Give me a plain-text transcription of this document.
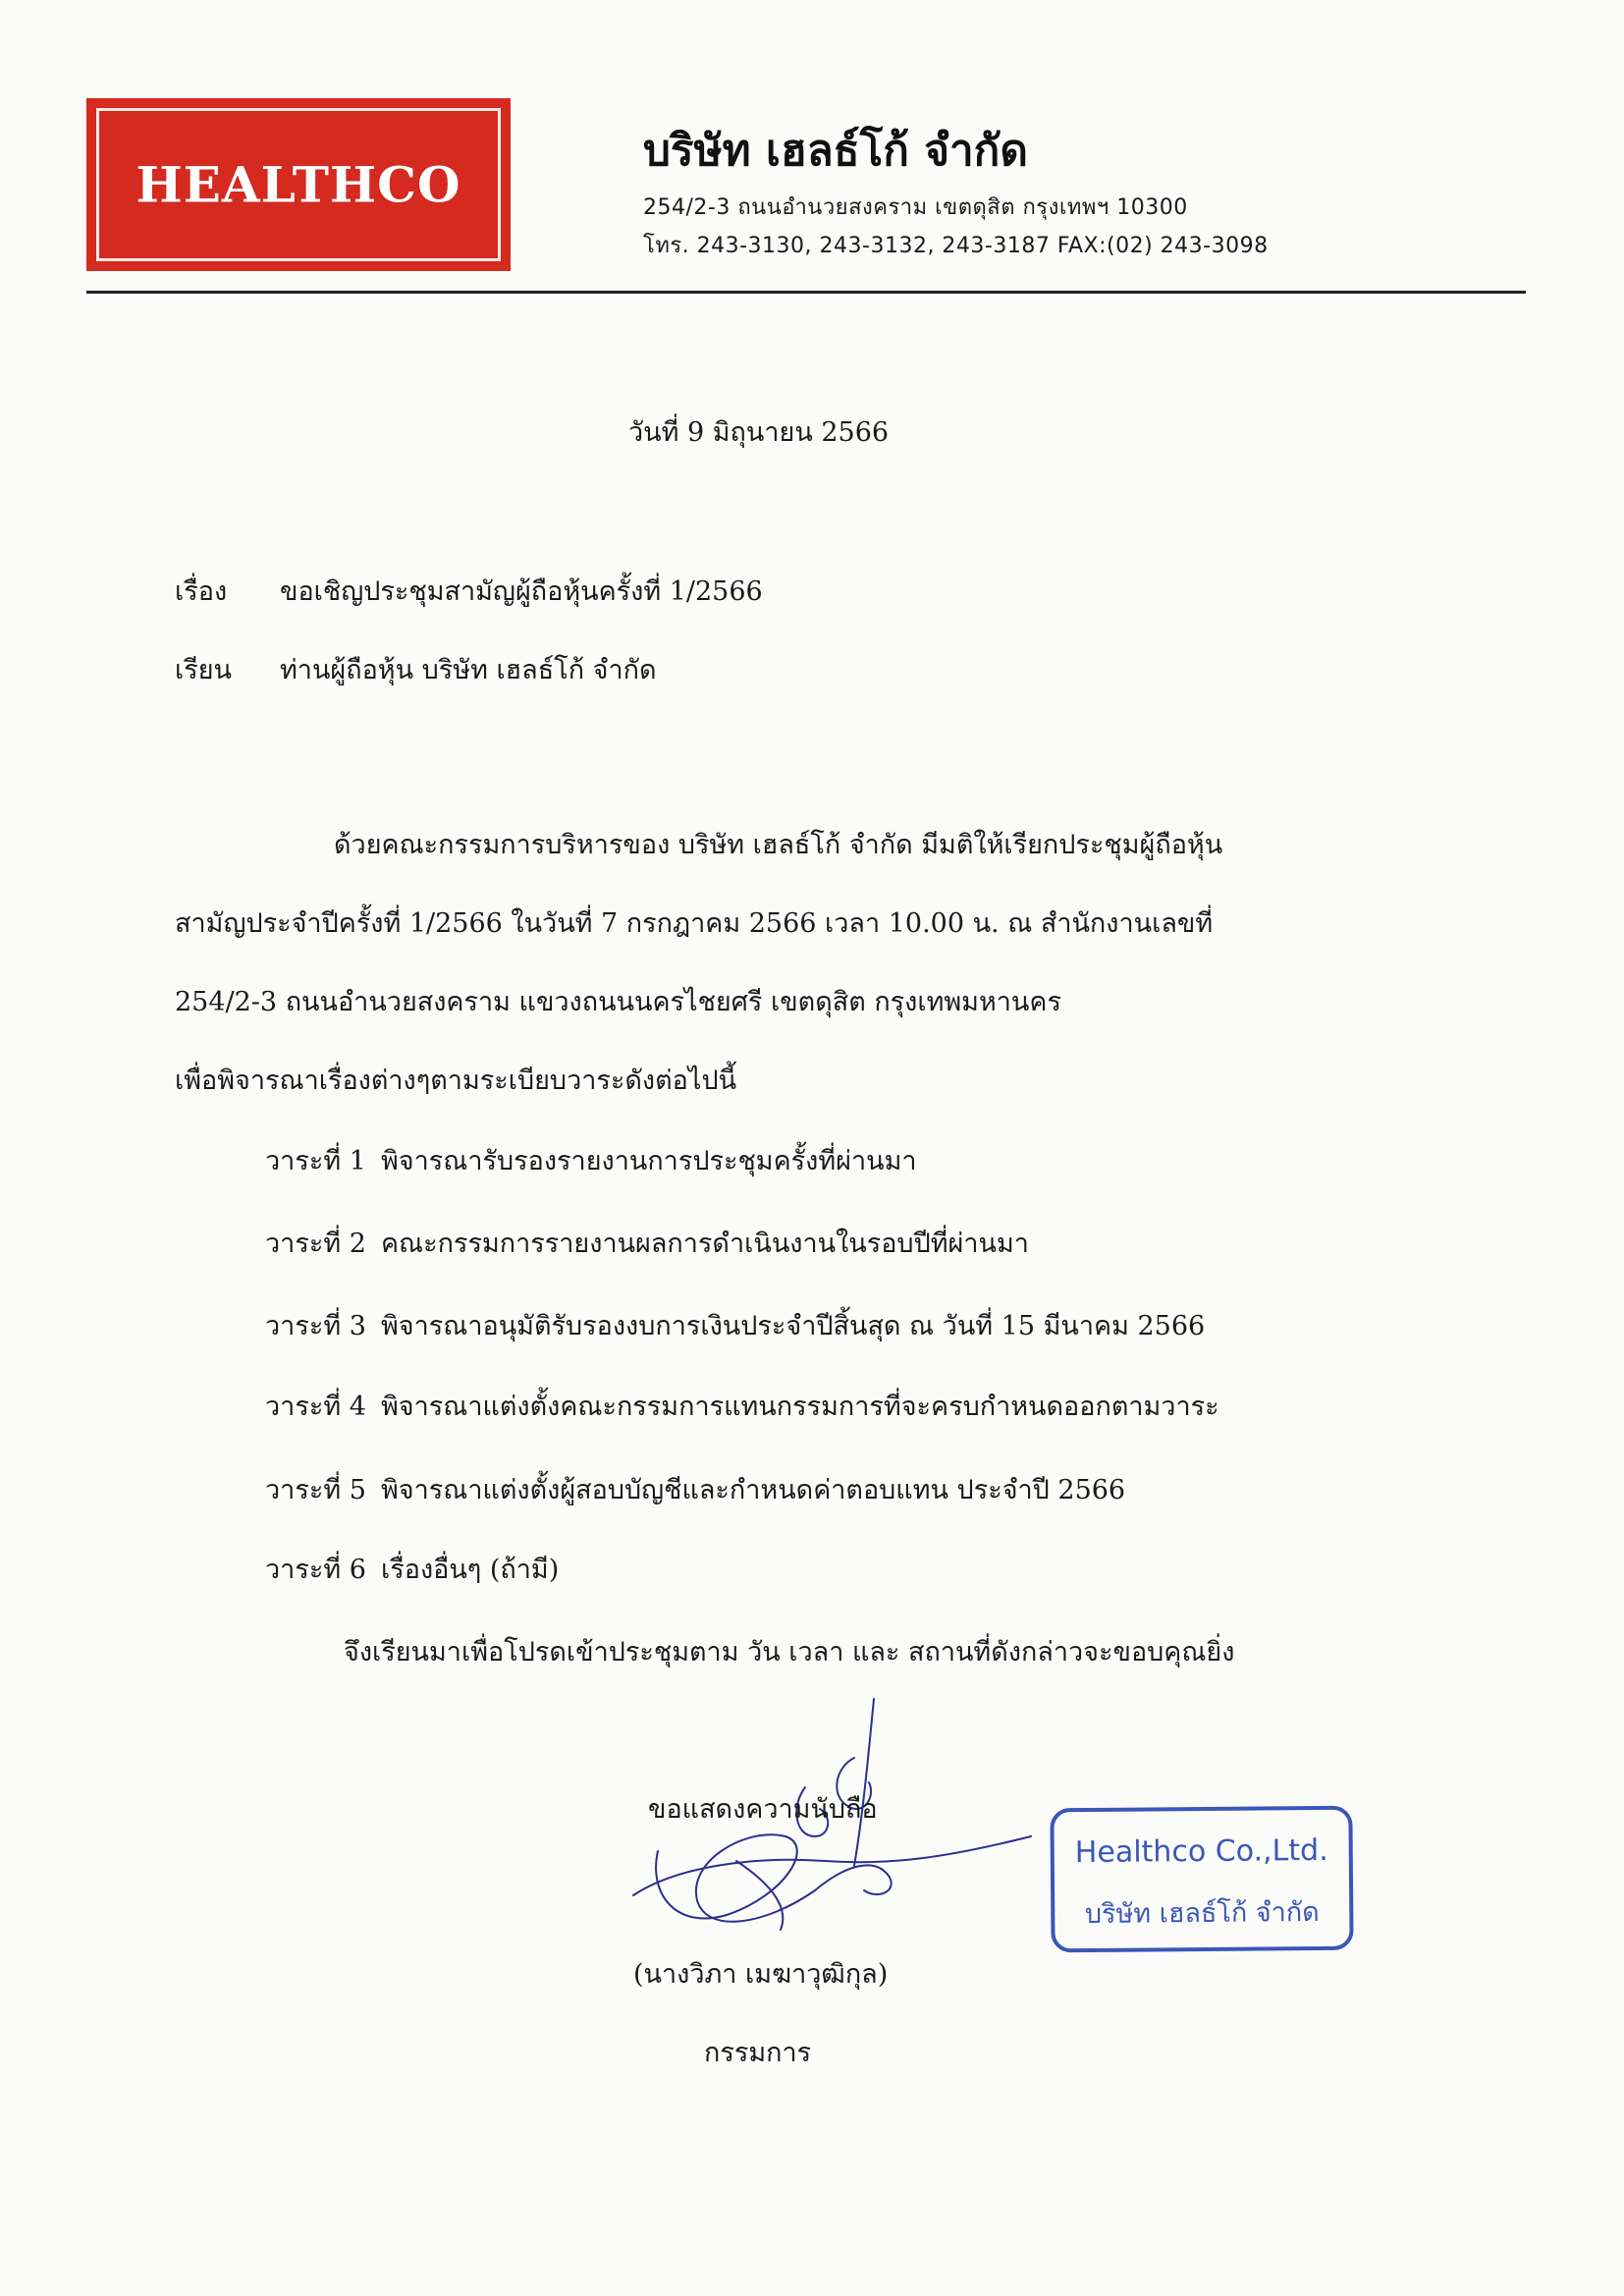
HEALTHCO
บริษัท เฮลธ์โก้ จำกัด
254/2-3 ถนนอำนวยสงคราม เขตดุสิต กรุงเทพฯ 10300
โทร. 243-3130, 243-3132, 243-3187 FAX:(02) 243-3098
วันที่ 9 มิถุนายน 2566
เรื่อง ขอเชิญประชุมสามัญผู้ถือหุ้นครั้งที่ 1/2566
เรียน ท่านผู้ถือหุ้น บริษัท เฮลธ์โก้ จำกัด
ด้วยคณะกรรมการบริหารของ บริษัท เฮลธ์โก้ จำกัด มีมติให้เรียกประชุมผู้ถือหุ้น
สามัญประจำปีครั้งที่ 1/2566 ในวันที่ 7 กรกฎาคม 2566 เวลา 10.00 น. ณ สำนักงานเลขที่
254/2-3 ถนนอำนวยสงคราม แขวงถนนนครไชยศรี เขตดุสิต กรุงเทพมหานคร
เพื่อพิจารณาเรื่องต่างๆตามระเบียบวาระดังต่อไปนี้
วาระที่ 1 พิจารณารับรองรายงานการประชุมครั้งที่ผ่านมา
วาระที่ 2 คณะกรรมการรายงานผลการดำเนินงานในรอบปีที่ผ่านมา
วาระที่ 3 พิจารณาอนุมัติรับรองงบการเงินประจำปีสิ้นสุด ณ วันที่ 15 มีนาคม 2566
วาระที่ 4 พิจารณาแต่งตั้งคณะกรรมการแทนกรรมการที่จะครบกำหนดออกตามวาระ
วาระที่ 5 พิจารณาแต่งตั้งผู้สอบบัญชีและกำหนดค่าตอบแทน ประจำปี 2566
วาระที่ 6 เรื่องอื่นๆ (ถ้ามี)
จึงเรียนมาเพื่อโปรดเข้าประชุมตาม วัน เวลา และ สถานที่ดังกล่าวจะขอบคุณยิ่ง
ขอแสดงความนับถือ
(นางวิภา เมฆาวุฒิกุล)
กรรมการ
Healthco Co.,Ltd.
บริษัท เฮลธ์โก้ จำกัด
